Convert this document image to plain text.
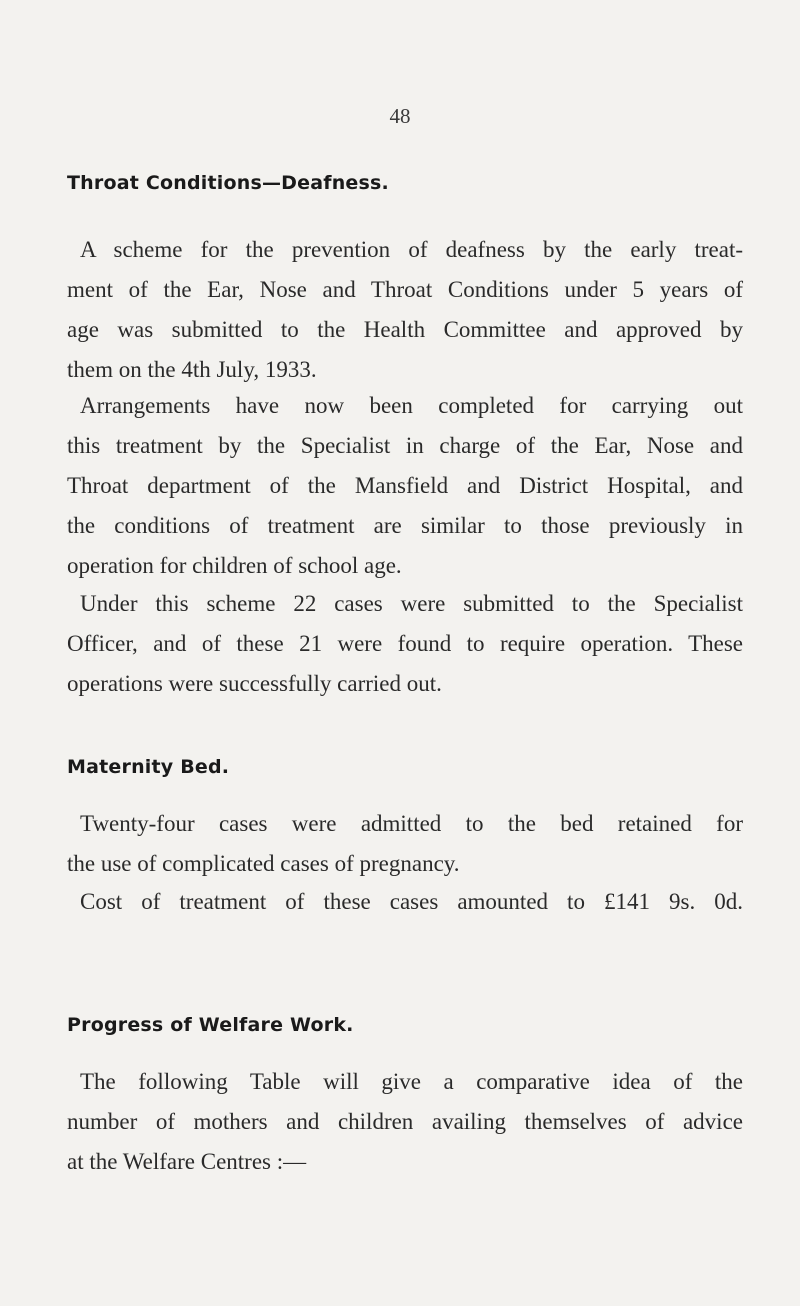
48
Throat Conditions—Deafness.
A scheme for the prevention of deafness by the early treat-
ment of the Ear, Nose and Throat Conditions under 5 years of
age was submitted to the Health Committee and approved by
them on the 4th July, 1933.
Arrangements have now been completed for carrying out
this treatment by the Specialist in charge of the Ear, Nose and
Throat department of the Mansfield and District Hospital, and
the conditions of treatment are similar to those previously in
operation for children of school age.
Under this scheme 22 cases were submitted to the Specialist
Officer, and of these 21 were found to require operation. These
operations were successfully carried out.
Maternity Bed.
Twenty-four cases were admitted to the bed retained for
the use of complicated cases of pregnancy.
Cost of treatment of these cases amounted to £141 9s. 0d.
Progress of Welfare Work.
The following Table will give a comparative idea of the
number of mothers and children availing themselves of advice
at the Welfare Centres :—
